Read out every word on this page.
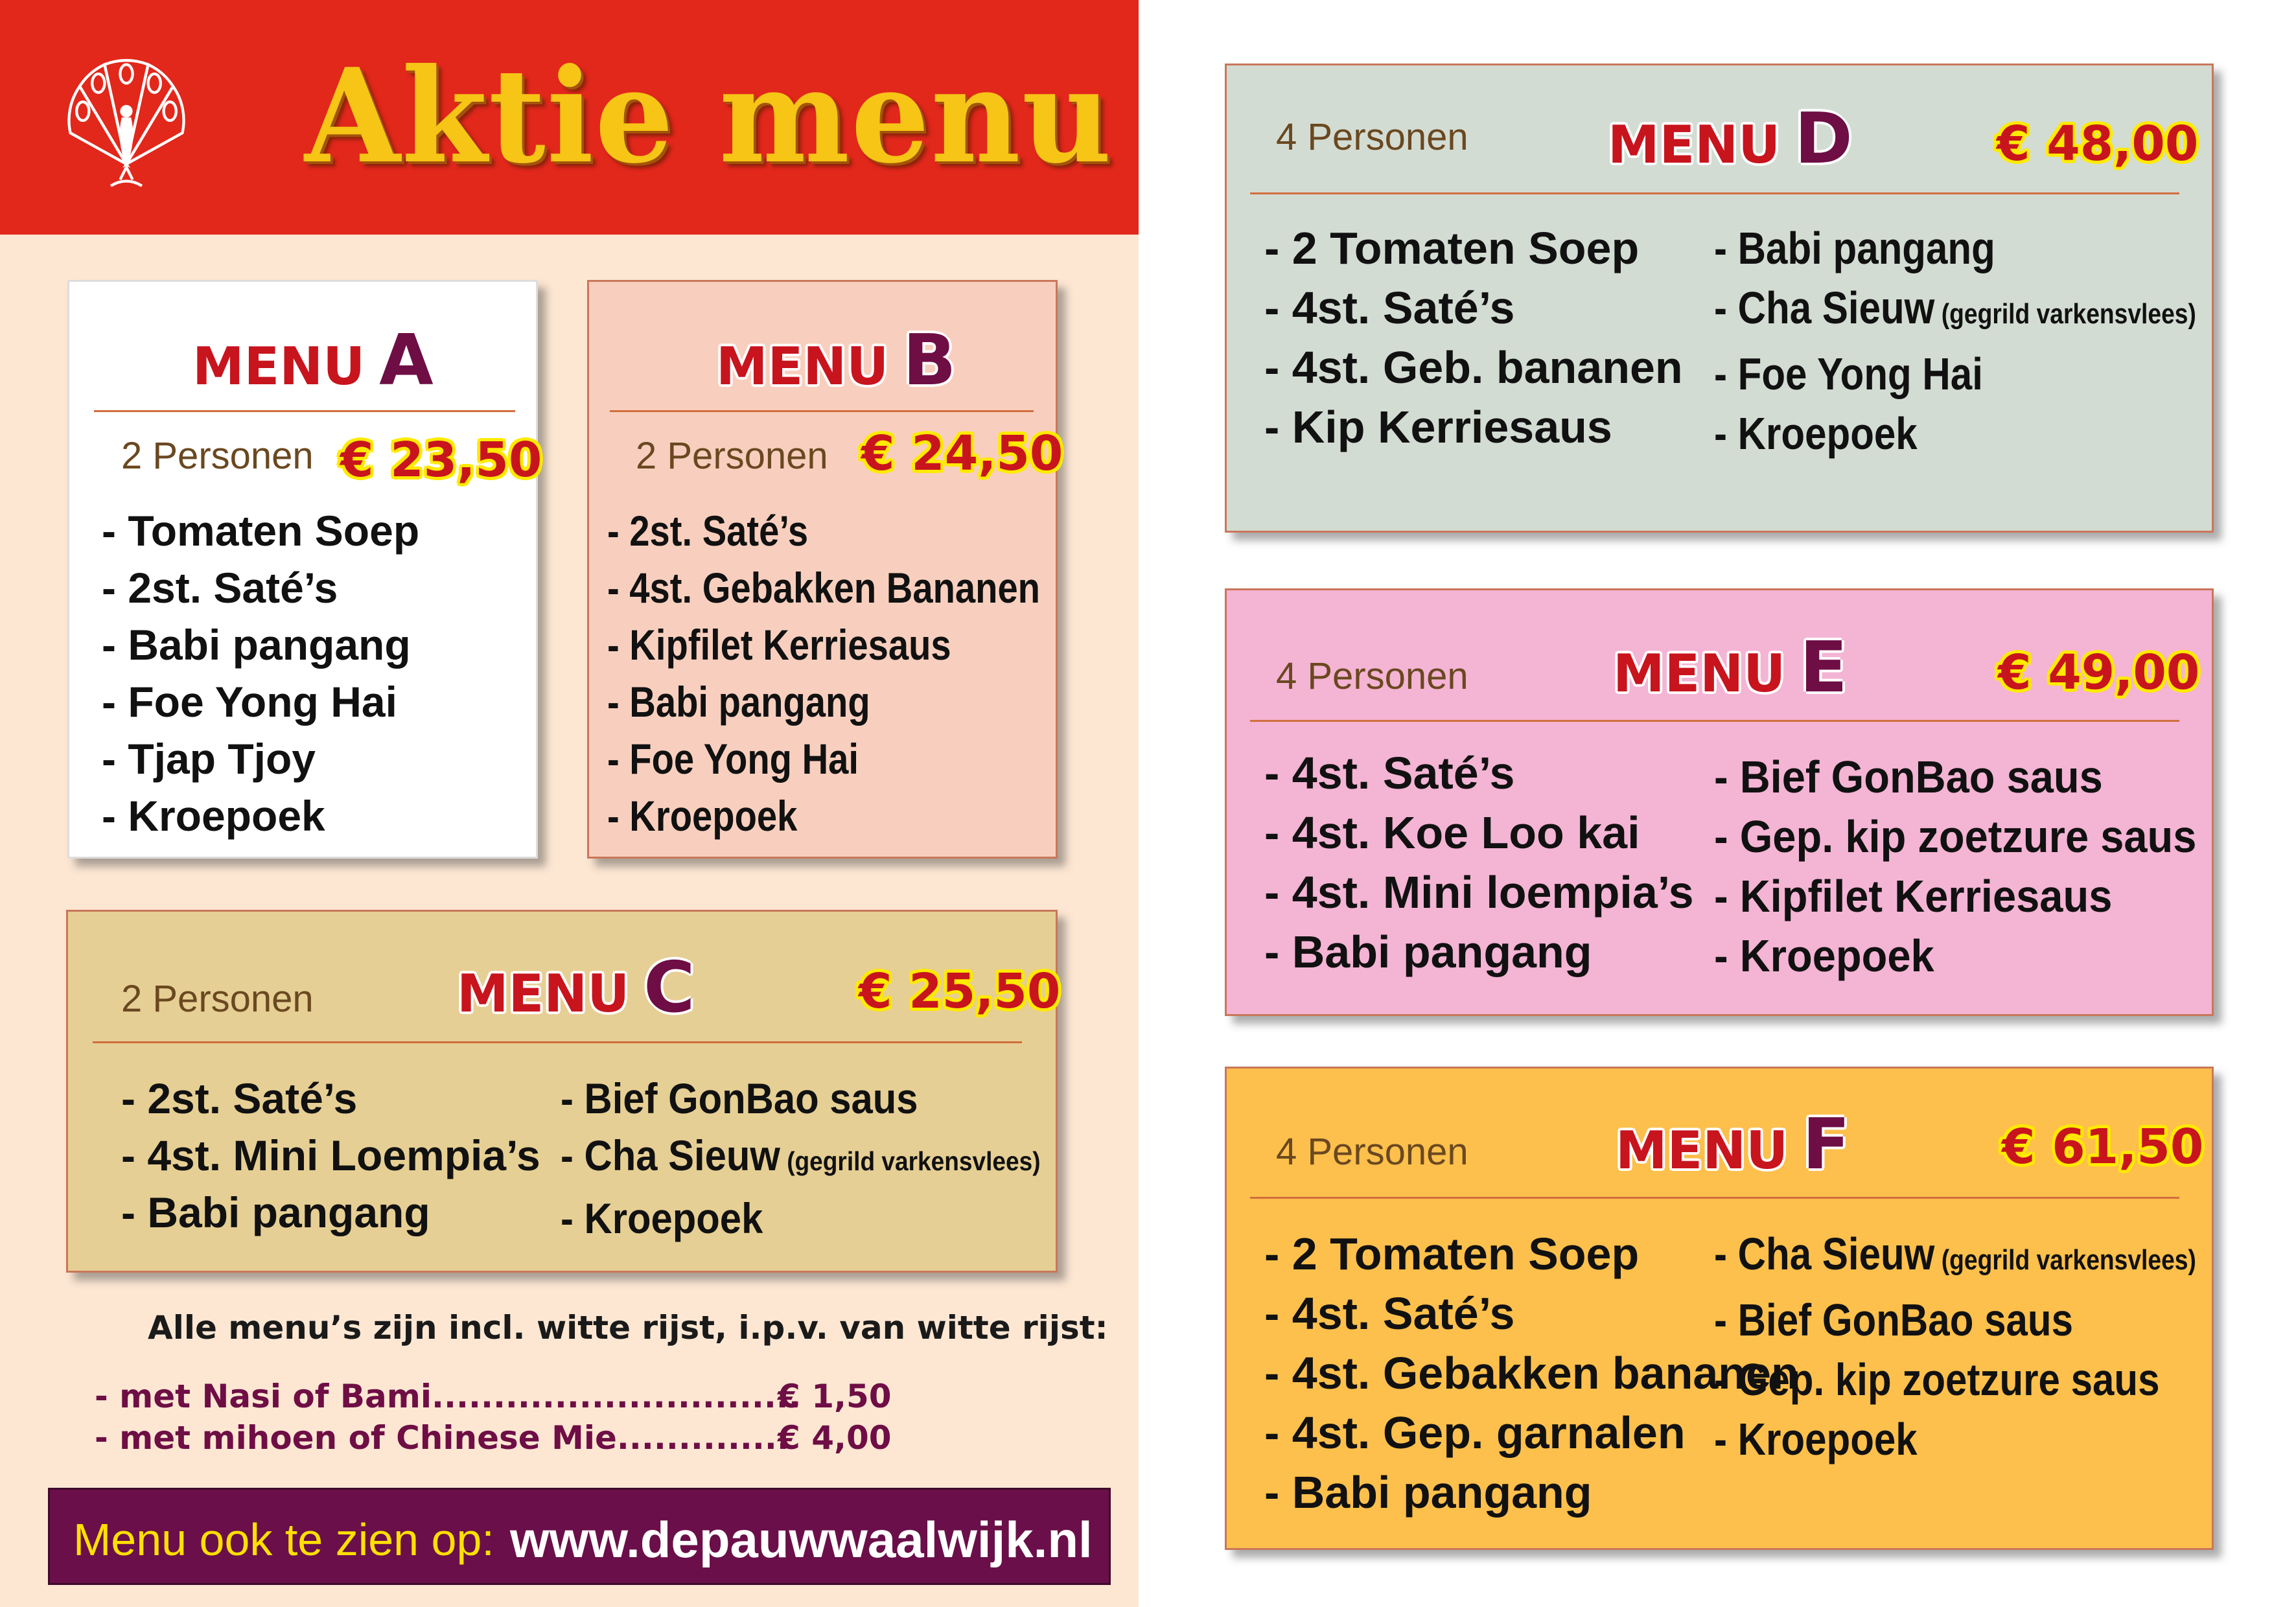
Aktie menu
MENU A
2 Personen € 23,50
- Tomaten Soep
- 2st. Saté’s
- Babi pangang
- Foe Yong Hai
- Tjap Tjoy
- Kroepoek
MENU B
2 Personen € 24,50
- 2st. Saté’s
- 4st. Gebakken Bananen
- Kipfilet Kerriesaus
- Babi pangang
- Foe Yong Hai
- Kroepoek
2 Personen	MENU C	€ 25,50
- 2st. Saté’s
- 4st. Mini Loempia’s
- Babi pangang
- Bief GonBao saus
- Cha Sieuw (gegrild varkensvlees)
- Kroepoek
Alle menu’s zijn incl. witte rijst, i.p.v. van witte rijst:
- met Nasi of Bami..............................
€ 1,50
- met mihoen of Chinese Mie..............
€ 4,00
Menu ook te zien op: www.depauwwaalwijk.nl
4 Personen	MENU D	€ 48,00
- 2 Tomaten Soep
- 4st. Saté’s
- 4st. Geb. bananen
- Kip Kerriesaus
- Babi pangang
- Cha Sieuw (gegrild varkensvlees)
- Foe Yong Hai
- Kroepoek
4 Personen	MENU E	€ 49,00
- 4st. Saté’s
- 4st. Koe Loo kai
- 4st. Mini loempia’s
- Babi pangang
- Bief GonBao saus
- Gep. kip zoetzure saus
- Kipfilet Kerriesaus
- Kroepoek
4 Personen	MENU F	€ 61,50
- 2 Tomaten Soep
- 4st. Saté’s
- 4st. Gebakken bananen
- 4st. Gep. garnalen
- Babi pangang
- Cha Sieuw (gegrild varkensvlees)
- Bief GonBao saus
- Gep. kip zoetzure saus
- Kroepoek
